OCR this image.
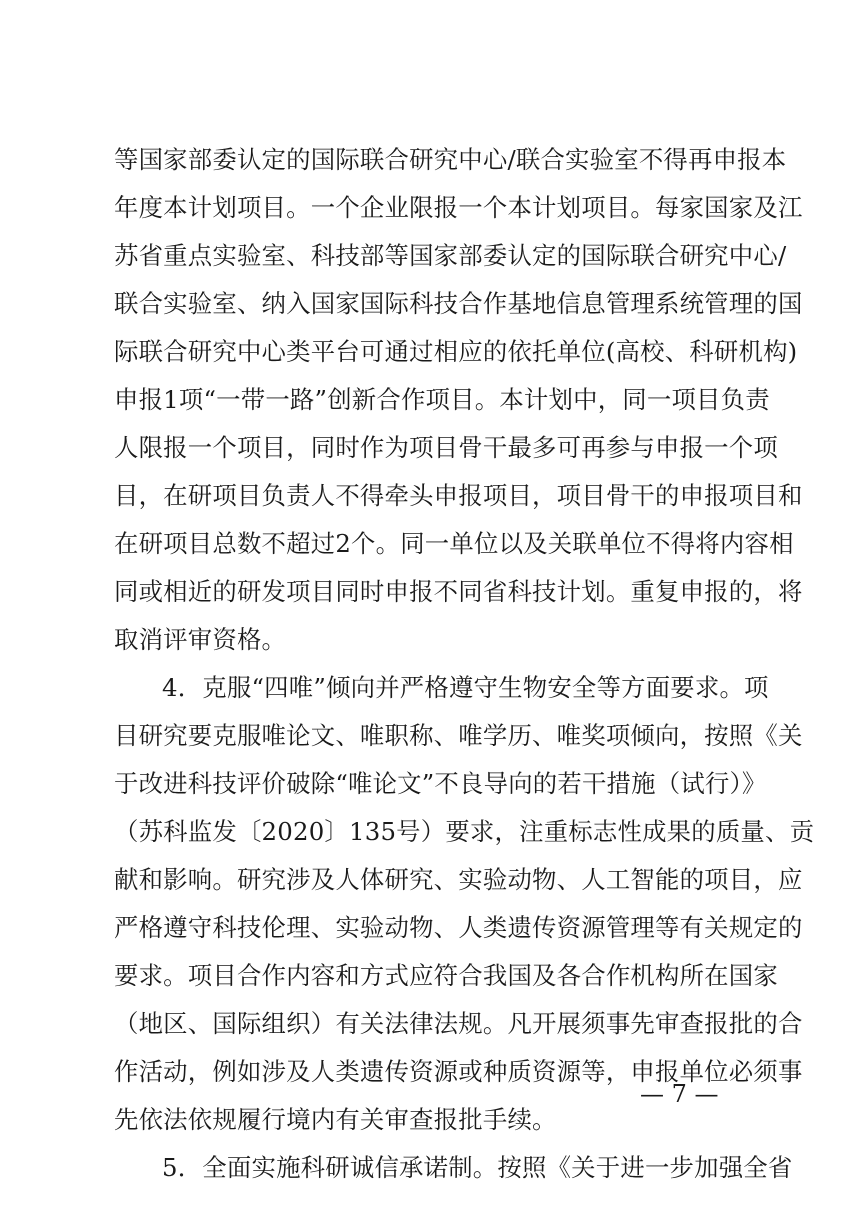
等国家部委认定的国际联合研究中心/联合实验室不得再申报本
年度本计划项目。一个企业限报一个本计划项目。每家国家及江
苏省重点实验室、科技部等国家部委认定的国际联合研究中心/
联合实验室、纳入国家国际科技合作基地信息管理系统管理的国
际联合研究中心类平台可通过相应的依托单位(高校、科研机构)
申报1项“一带一路”创新合作项目。本计划中，同一项目负责
人限报一个项目，同时作为项目骨干最多可再参与申报一个项
目，在研项目负责人不得牵头申报项目，项目骨干的申报项目和
在研项目总数不超过2个。同一单位以及关联单位不得将内容相
同或相近的研发项目同时申报不同省科技计划。重复申报的，将
取消评审资格。
4．克服“四唯”倾向并严格遵守生物安全等方面要求。项
目研究要克服唯论文、唯职称、唯学历、唯奖项倾向，按照《关
于改进科技评价破除“唯论文”不良导向的若干措施（试行）》
（苏科监发〔2020〕135号）要求，注重标志性成果的质量、贡
献和影响。研究涉及人体研究、实验动物、人工智能的项目，应
严格遵守科技伦理、实验动物、人类遗传资源管理等有关规定的
要求。项目合作内容和方式应符合我国及各合作机构所在国家
（地区、国际组织）有关法律法规。凡开展须事先审查报批的合
作活动，例如涉及人类遗传资源或种质资源等，申报单位必须事
先依法依规履行境内有关审查报批手续。
5．全面实施科研诚信承诺制。按照《关于进一步加强全省
— 7 —
